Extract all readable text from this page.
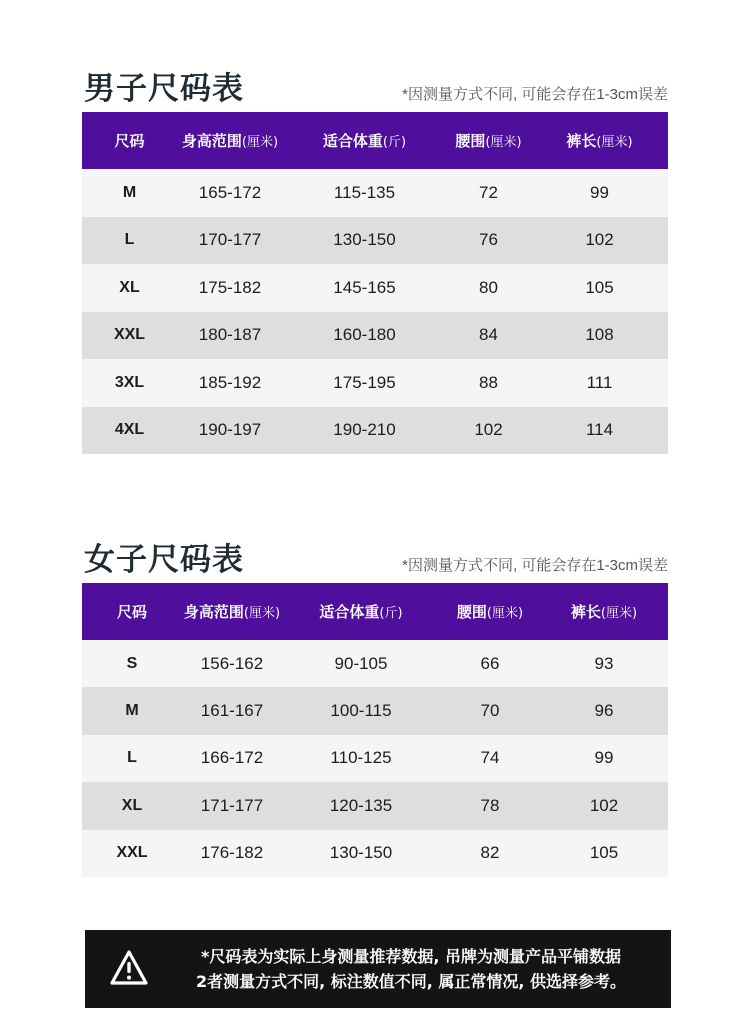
男子尺码表	*因测量方式不同, 可能会存在1-3cm误差
尺码	身高范围(厘米)	适合体重(斤)	腰围(厘米)	裤长(厘米)
M	165-172	115-135	72	99
L	170-177	130-150	76	102
XL	175-182	145-165	80	105
XXL	180-187	160-180	84	108
3XL	185-192	175-195	88	111
4XL	190-197	190-210	102	114
女子尺码表	*因测量方式不同, 可能会存在1-3cm误差
尺码	身高范围(厘米)	适合体重(斤)	腰围(厘米)	裤长(厘米)
S	156-162	90-105	66	93
M	161-167	100-115	70	96
L	166-172	110-125	74	99
XL	171-177	120-135	78	102
XXL	176-182	130-150	82	105
*尺码表为实际上身测量推荐数据, 吊牌为测量产品平铺数据
2者测量方式不同, 标注数值不同, 属正常情况, 供选择参考。
